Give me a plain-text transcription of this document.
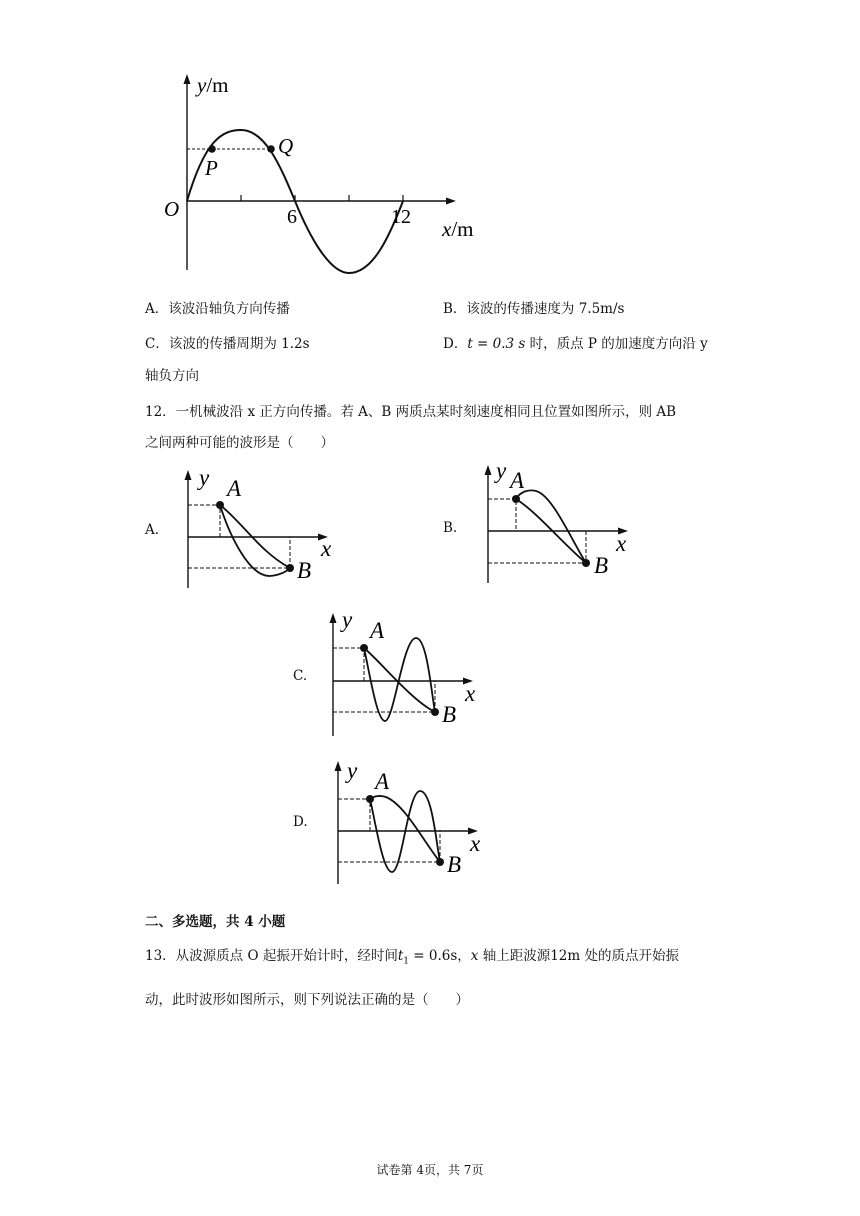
y/m
x/m
O	6	12
P
Q
A．该波沿轴负方向传播	B．该波的传播速度为 7.5m/s
C．该波的传播周期为 1.2s	D．t = 0.3 s 时，质点 P 的加速度方向沿 y
轴负方向
12．一机械波沿 x 正方向传播。若 A、B 两质点某时刻速度相同且位置如图所示，则 AB
之间两种可能的波形是（　　）
A.
y A
x
B
B.
y A
x
B
C.
y A
x
B
D.
y A
x
B
二、多选题，共 4 小题
13．从波源质点 O 起振开始计时，经时间$t_1 = 0.6s$，x 轴上距波源12m 处的质点开始振
动，此时波形如图所示，则下列说法正确的是（　　）
试卷第 4页，共 7页
